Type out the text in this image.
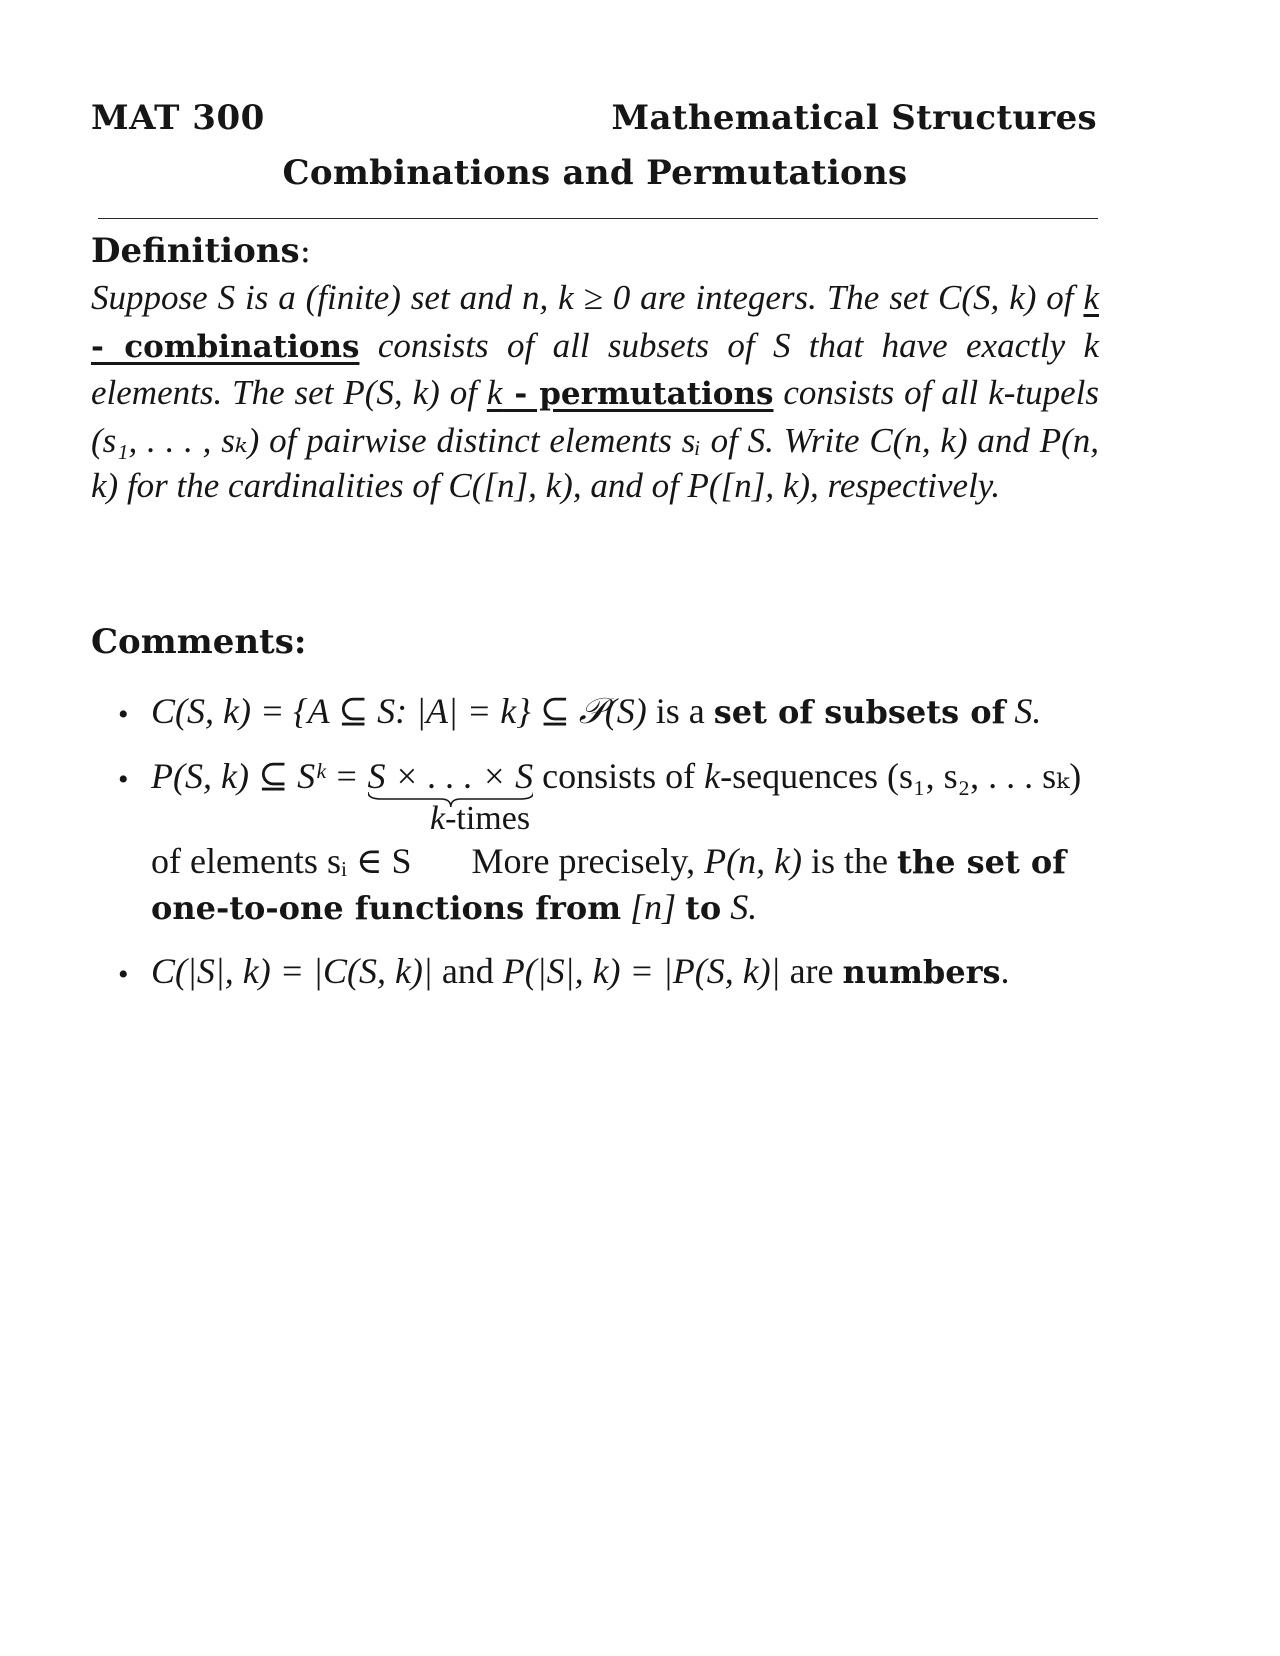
MAT 300	Mathematical Structures
Combinations and Permutations
Definitions:
Suppose S is a (finite) set and n, k ≥ 0 are integers. The set C(S, k) of k - combinations consists of all subsets of S that have exactly k elements. The set P(S, k) of k - permutations consists of all k-tupels (s₁, . . . , sₖ) of pairwise distinct elements sᵢ of S. Write C(n, k) and P(n, k) for the cardinalities of C([n], k), and of P([n], k), respectively.
Comments:
• C(S, k) = {A ⊆ S: |A| = k} ⊆ 𝒫(S) is a set of subsets of S.
• P(S, k) ⊆ Sᵏ = S × . . . × S
consists of k-sequences (s₁, s₂, . . . sₖ)
k-times
of elements sᵢ ∈ S More precisely, P(n, k) is the the set of
one-to-one functions from [n] to S.
• C(|S|, k) = |C(S, k)| and P(|S|, k) = |P(S, k)| are numbers.
